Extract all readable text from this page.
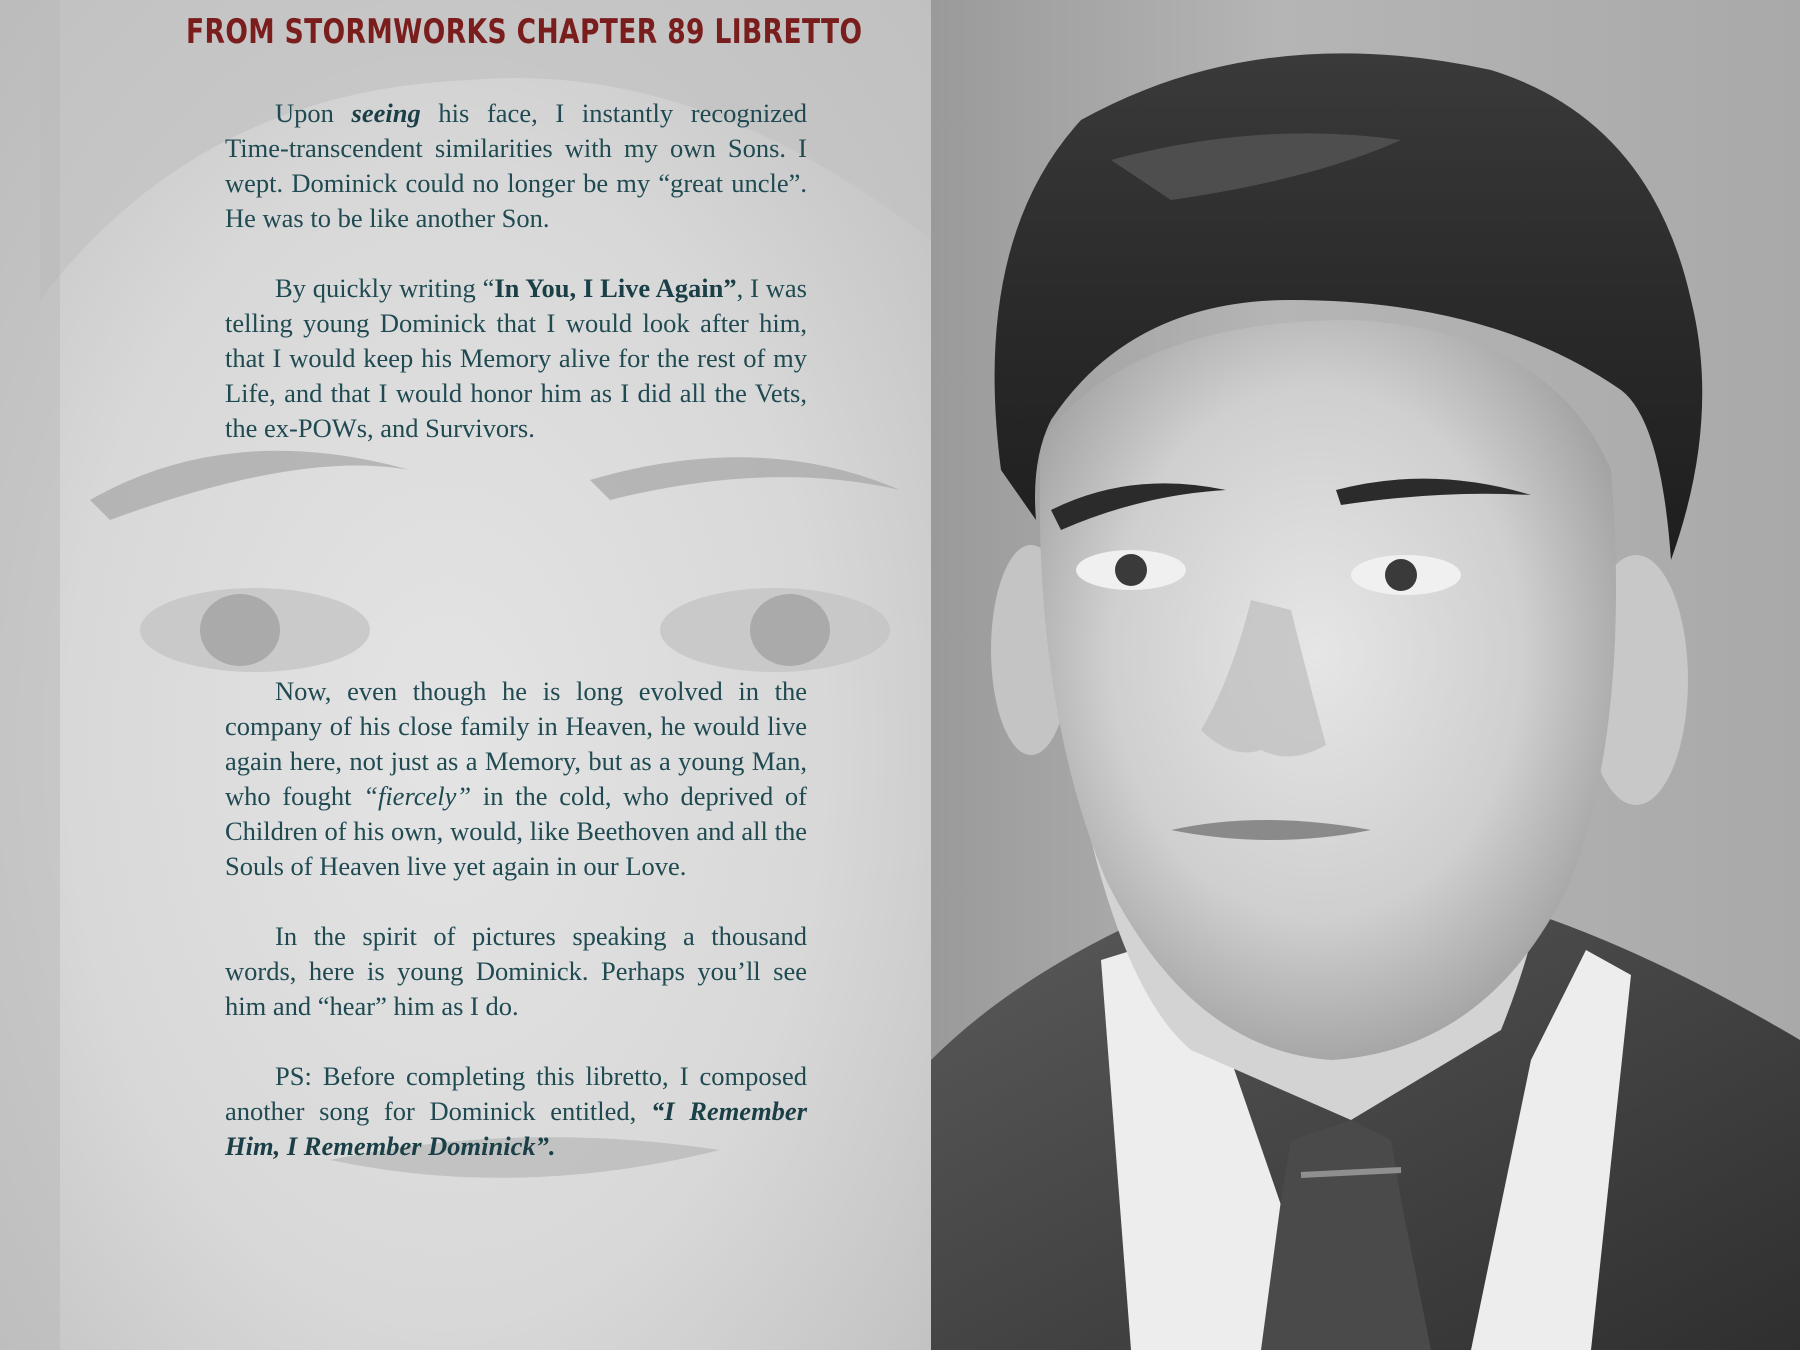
FROM STORMWORKS CHAPTER 89 LIBRETTO

Upon seeing his face, I instantly recognized Time-transcendent similarities with my own Sons. I wept. Dominick could no longer be my “great uncle”. He was to be like another Son.

By quickly writing “In You, I Live Again”, I was telling young Dominick that I would look after him, that I would keep his Memory alive for the rest of my Life, and that I would honor him as I did all the Vets, the ex-POWs, and Survivors.

Now, even though he is long evolved in the company of his close family in Heaven, he would live again here, not just as a Memory, but as a young Man, who fought “fiercely” in the cold, who deprived of Children of his own, would, like Beethoven and all the Souls of Heaven live yet again in our Love.

In the spirit of pictures speaking a thousand words, here is young Dominick. Perhaps you’ll see him and “hear” him as I do.

PS: Before completing this libretto, I composed another song for Dominick entitled, “I Remember Him, I Remember Dominick”.
